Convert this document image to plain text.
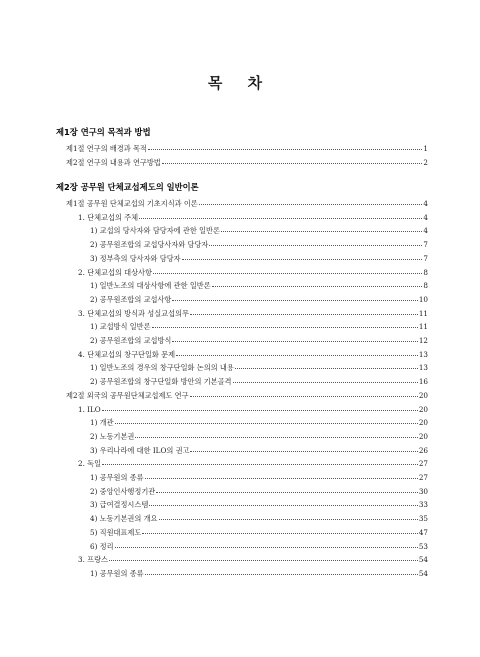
목 차
제1장 연구의 목적과 방법
제1절 연구의 배경과 목적	1
제2절 연구의 내용과 연구방법	2
제2장 공무원 단체교섭제도의 일반이론
제1절 공무원 단체교섭의 기초지식과 이론	4
1. 단체교섭의 주체	4
1) 교섭의 당사자와 담당자에 관한 일반론	4
2) 공무원조합의 교섭당사자와 담당자	7
3) 정부측의 당사자와 담당자	7
2. 단체교섭의 대상사항	8
1) 일반노조의 대상사항에 관한 일반론	8
2) 공무원조합의 교섭사항	10
3. 단체교섭의 방식과 성실교섭의무	11
1) 교섭방식 일반론	11
2) 공무원조합의 교섭방식	12
4. 단체교섭의 창구단일화 문제	13
1) 일반노조의 경우의 창구단일화 논의의 내용	13
2) 공무원조합의 창구단일화 방안의 기본골격	16
제2절 외국의 공무원단체교섭제도 연구	20
1. ILO	20
1) 개관	20
2) 노동기본권	20
3) 우리나라에 대한 ILO의 권고	26
2. 독일	27
1) 공무원의 종류	27
2) 중앙인사행정기관	30
3) 급여결정시스템	33
4) 노동기본권의 개요	35
5) 직원대표제도	47
6) 정리	53
3. 프랑스	54
1) 공무원의 종류	54
